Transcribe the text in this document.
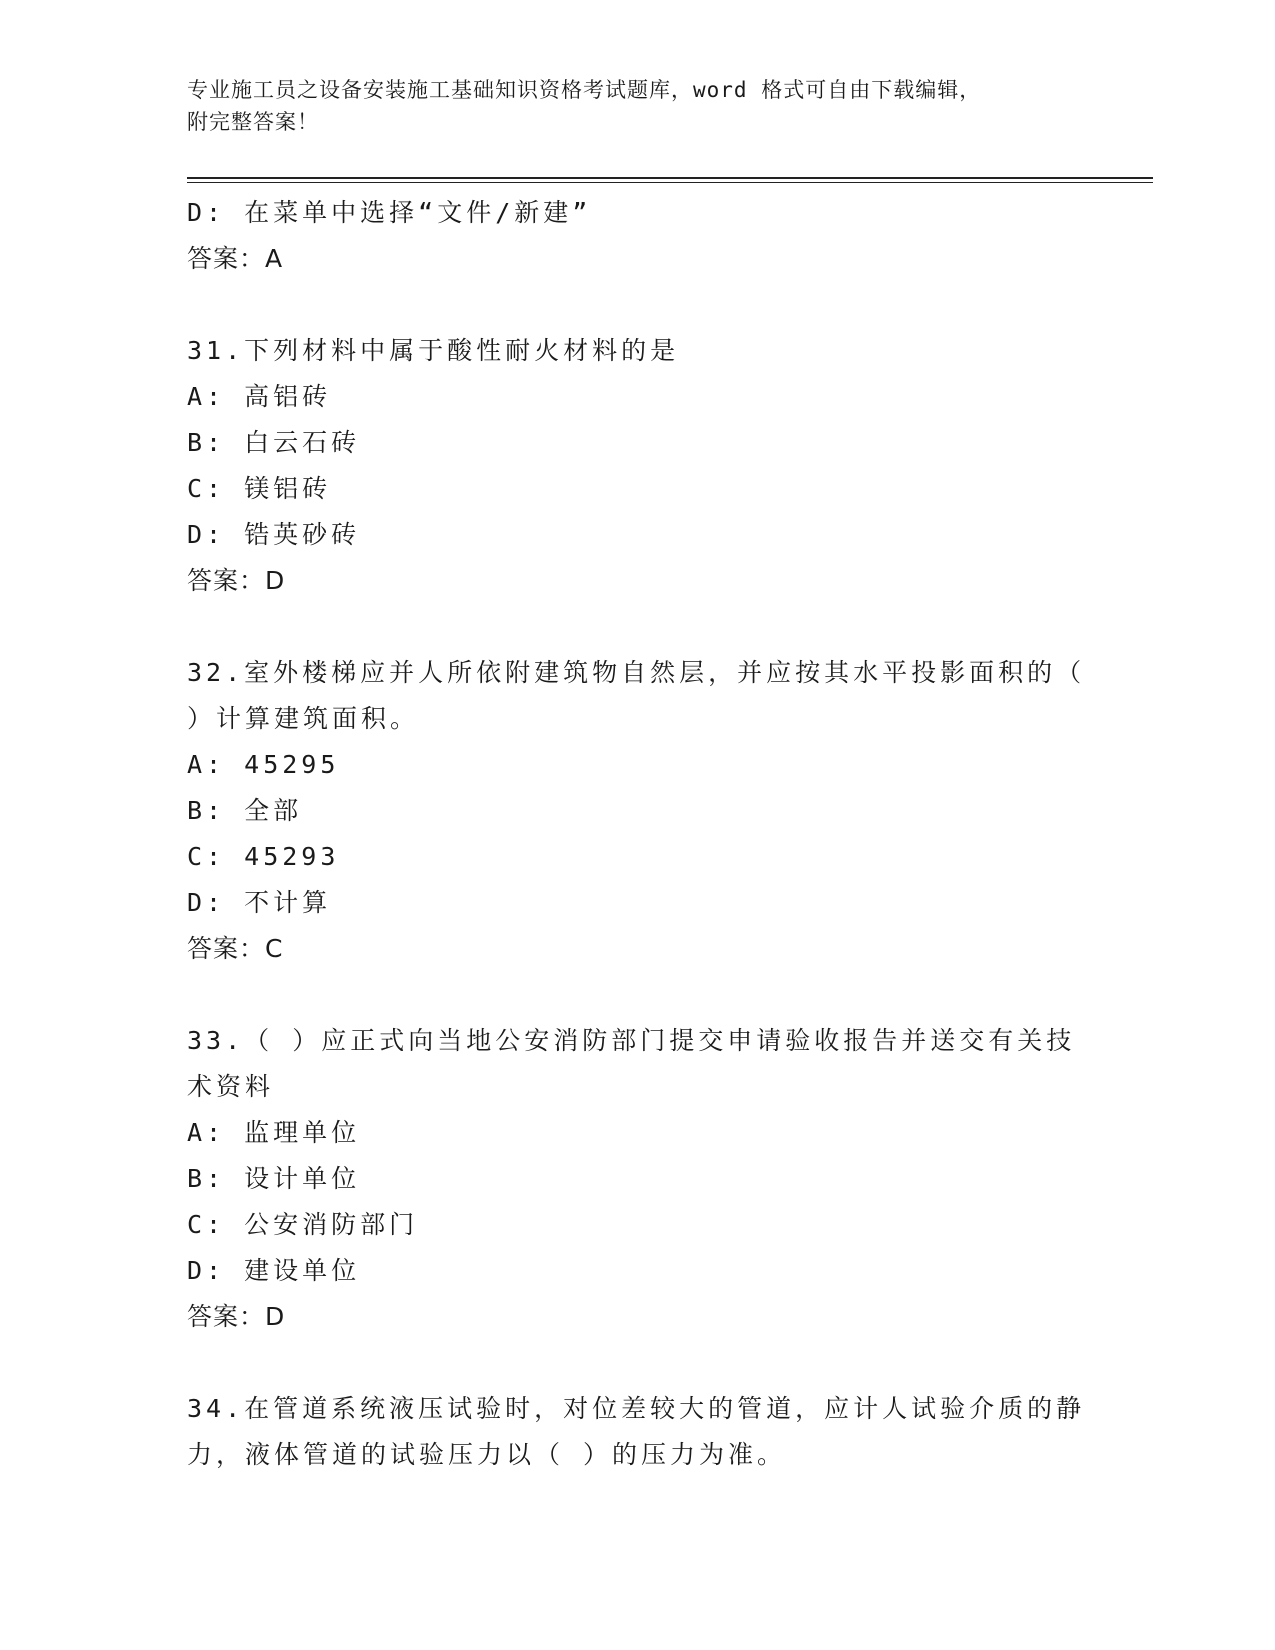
专业施工员之设备安装施工基础知识资格考试题库，word 格式可自由下载编辑，
附完整答案！
D: 在菜单中选择“文件/新建”
答案：A
31.下列材料中属于酸性耐火材料的是
A: 高铝砖
B: 白云石砖
C: 镁铝砖
D: 锆英砂砖
答案：D
32.室外楼梯应并人所依附建筑物自然层，并应按其水平投影面积的（
）计算建筑面积。
A: 45295
B: 全部
C: 45293
D: 不计算
答案：C
33.（ ）应正式向当地公安消防部门提交申请验收报告并送交有关技
术资料
A: 监理单位
B: 设计单位
C: 公安消防部门
D: 建设单位
答案：D
34.在管道系统液压试验时，对位差较大的管道，应计人试验介质的静
力，液体管道的试验压力以（ ）的压力为准。
